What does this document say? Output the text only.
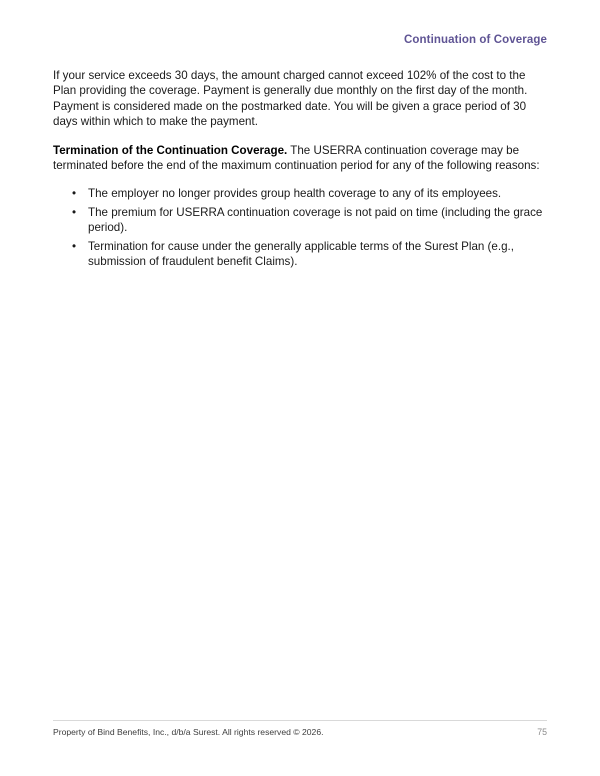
Continuation of Coverage

If your service exceeds 30 days, the amount charged cannot exceed 102% of the cost to the Plan providing the coverage. Payment is generally due monthly on the first day of the month. Payment is considered made on the postmarked date. You will be given a grace period of 30 days within which to make the payment.

Termination of the Continuation Coverage. The USERRA continuation coverage may be terminated before the end of the maximum continuation period for any of the following reasons:

• The employer no longer provides group health coverage to any of its employees.
• The premium for USERRA continuation coverage is not paid on time (including the grace period).
• Termination for cause under the generally applicable terms of the Surest Plan (e.g., submission of fraudulent benefit Claims).
Property of Bind Benefits, Inc., d/b/a Surest. All rights reserved © 2026.	75
